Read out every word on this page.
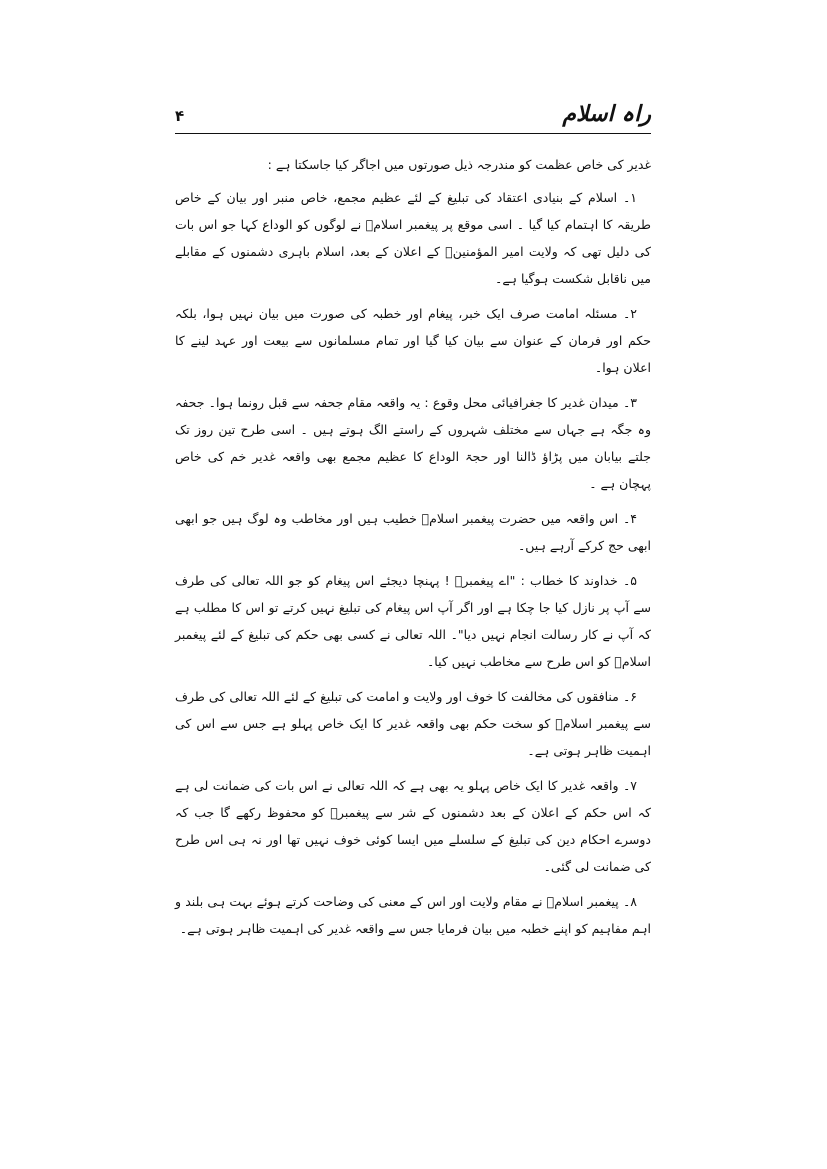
راہ اسلام
۴

غدیر کی خاص عظمت کو مندرجہ ذیل صورتوں میں اجاگر کیا جاسکتا ہے :

۱۔ اسلام کے بنیادی اعتقاد کی تبلیغ کے لئے عظیم مجمع، خاص منبر اور بیان کے خاص طریقہ کا اہتمام کیا گیا ۔ اسی موقع پر پیغمبر اسلامؐ نے لوگوں کو الوداع کہا جو اس بات کی دلیل تھی کہ ولایت امیر المؤمنینؑ کے اعلان کے بعد، اسلام باہری دشمنوں کے مقابلے میں ناقابل شکست ہوگیا ہے۔

۲۔ مسئلہ امامت صرف ایک خبر، پیغام اور خطبہ کی صورت میں بیان نہیں ہوا، بلکہ حکم اور فرمان کے عنوان سے بیان کیا گیا اور تمام مسلمانوں سے بیعت اور عہد لینے کا اعلان ہوا۔

۳۔ میدان غدیر کا جغرافیائی محل وقوع : یہ واقعہ مقام جحفہ سے قبل رونما ہوا۔ جحفہ وہ جگہ ہے جہاں سے مختلف شہروں کے راستے الگ ہوتے ہیں ۔ اسی طرح تین روز تک جلتے بیابان میں پڑاؤ ڈالنا اور حجۃ الوداع کا عظیم مجمع بھی واقعہ غدیر خم کی خاص پہچان ہے ۔

۴۔ اس واقعہ میں حضرت پیغمبر اسلامؐ خطیب ہیں اور مخاطب وہ لوگ ہیں جو ابھی ابھی حج کرکے آرہے ہیں۔

۵۔ خداوند کا خطاب : "اے پیغمبرؐ ! پہنچا دیجئے اس پیغام کو جو اللہ تعالی کی طرف سے آپ پر نازل کیا جا چکا ہے اور اگر آپ اس پیغام کی تبلیغ نہیں کرتے تو اس کا مطلب ہے کہ آپ نے کار رسالت انجام نہیں دیا"۔ اللہ تعالی نے کسی بھی حکم کی تبلیغ کے لئے پیغمبر اسلامؐ کو اس طرح سے مخاطب نہیں کیا۔

۶۔ منافقوں کی مخالفت کا خوف اور ولایت و امامت کی تبلیغ کے لئے اللہ تعالی کی طرف سے پیغمبر اسلامؐ کو سخت حکم بھی واقعہ غدیر کا ایک خاص پہلو ہے جس سے اس کی اہمیت ظاہر ہوتی ہے۔

۷۔ واقعہ غدیر کا ایک خاص پہلو یہ بھی ہے کہ اللہ تعالی نے اس بات کی ضمانت لی ہے کہ اس حکم کے اعلان کے بعد دشمنوں کے شر سے پیغمبرؐ کو محفوظ رکھے گا جب کہ دوسرے احکام دین کی تبلیغ کے سلسلے میں ایسا کوئی خوف نہیں تھا اور نہ ہی اس طرح کی ضمانت لی گئی۔

۸۔ پیغمبر اسلامؐ نے مقام ولایت اور اس کے معنی کی وضاحت کرتے ہوئے بہت ہی بلند و اہم مفاہیم کو اپنے خطبہ میں بیان فرمایا جس سے واقعہ غدیر کی اہمیت ظاہر ہوتی ہے۔
